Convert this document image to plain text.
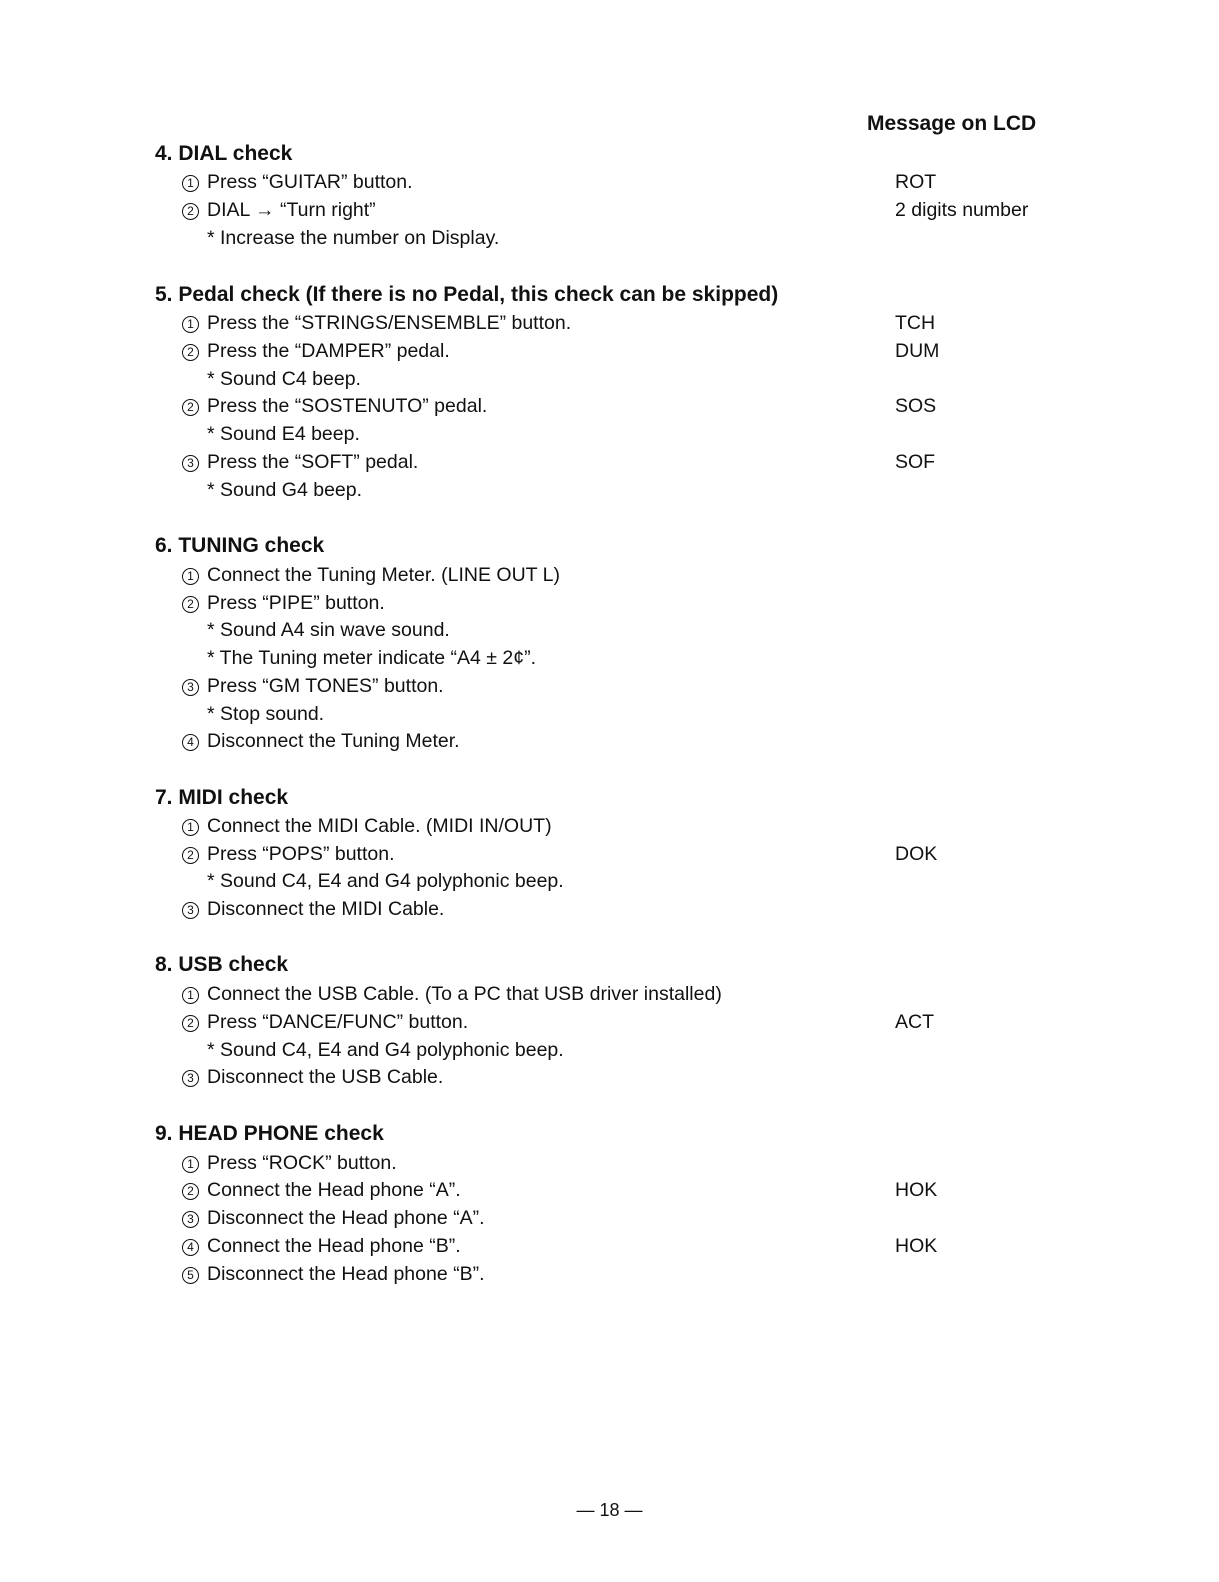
Message on LCD
4. DIAL check
1 Press “GUITAR” button.	ROT
2 DIAL → “Turn right”	2 digits number
* Increase the number on Display.
5. Pedal check (If there is no Pedal, this check can be skipped)
1 Press the “STRINGS/ENSEMBLE” button.	TCH
2 Press the “DAMPER” pedal.	DUM
* Sound C4 beep.
2 Press the “SOSTENUTO” pedal.	SOS
* Sound E4 beep.
3 Press the “SOFT” pedal.	SOF
* Sound G4 beep.
6. TUNING check
1 Connect the Tuning Meter. (LINE OUT L)
2 Press “PIPE” button.
* Sound A4 sin wave sound.
* The Tuning meter indicate “A4 ± 2¢”.
3 Press “GM TONES” button.
* Stop sound.
4 Disconnect the Tuning Meter.
7. MIDI check
1 Connect the MIDI Cable. (MIDI IN/OUT)
2 Press “POPS” button.	DOK
* Sound C4, E4 and G4 polyphonic beep.
3 Disconnect the MIDI Cable.
8. USB check
1 Connect the USB Cable. (To a PC that USB driver installed)
2 Press “DANCE/FUNC” button.	ACT
* Sound C4, E4 and G4 polyphonic beep.
3 Disconnect the USB Cable.
9. HEAD PHONE check
1 Press “ROCK” button.
2 Connect the Head phone “A”.	HOK
3 Disconnect the Head phone “A”.
4 Connect the Head phone “B”.	HOK
5 Disconnect the Head phone “B”.
— 18 —
